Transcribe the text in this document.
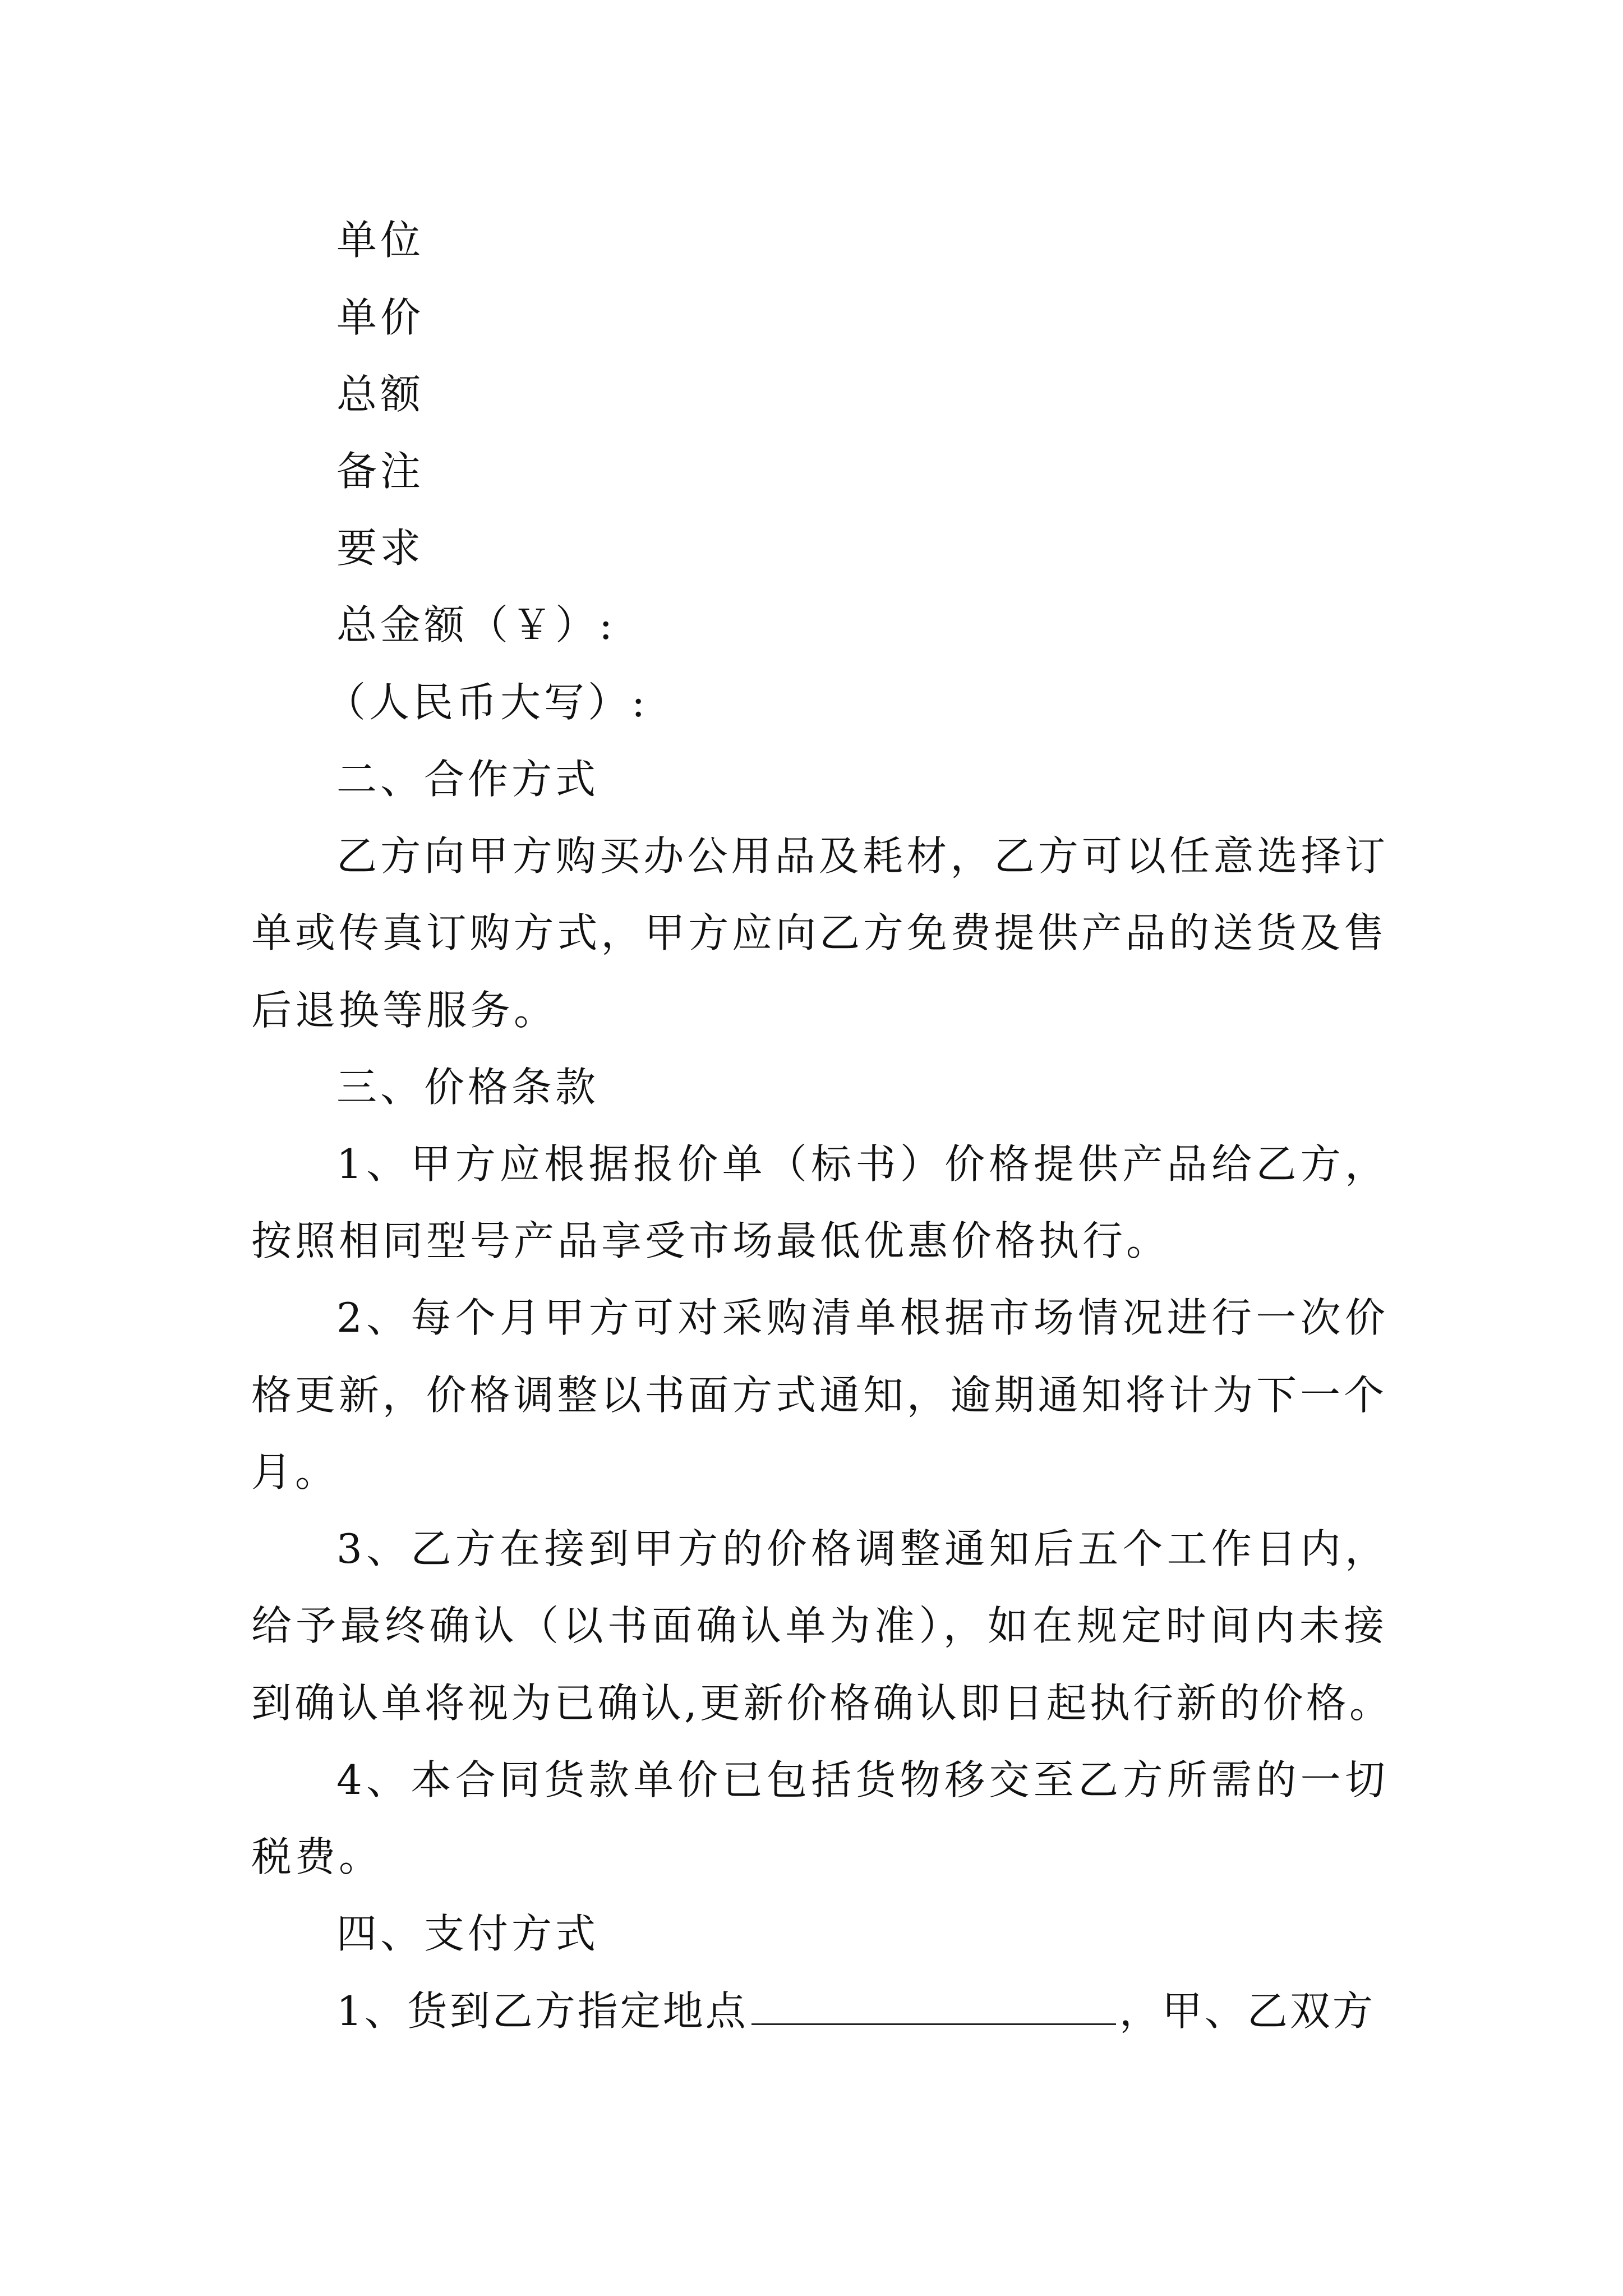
单位
单价
总额
备注
要求
总金额（￥）:
（人民币大写）:
二、合作方式
乙方向甲方购买办公用品及耗材，乙方可以任意选择订
单或传真订购方式，甲方应向乙方免费提供产品的送货及售
后退换等服务。
三、价格条款
1、甲方应根据报价单（标书）价格提供产品给乙方，
按照相同型号产品享受市场最低优惠价格执行。
2、每个月甲方可对采购清单根据市场情况进行一次价
格更新，价格调整以书面方式通知，逾期通知将计为下一个
月。
3、乙方在接到甲方的价格调整通知后五个工作日内，
给予最终确认（以书面确认单为准），如在规定时间内未接
到确认单将视为已确认,更新价格确认即日起执行新的价格。
4、本合同货款单价已包括货物移交至乙方所需的一切
税费。
四、支付方式
1、货到乙方指定地点	，甲、乙双方
